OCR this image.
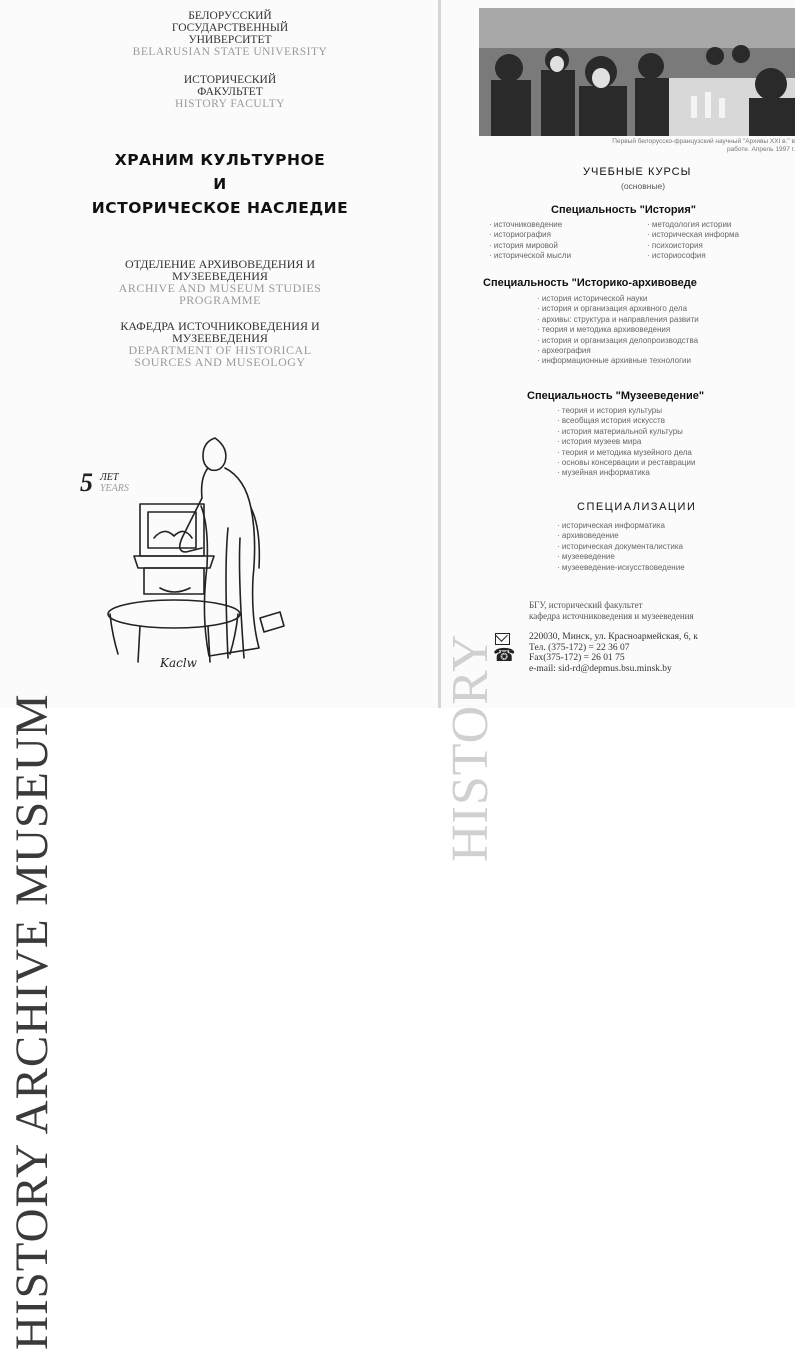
HISTORY ARCHIVE MUSEUM
БЕЛОРУССКИЙ ГОСУДАРСТВЕННЫЙ УНИВЕРСИТЕТ
BELARUSIAN STATE UNIVERSITY
ИСТОРИЧЕСКИЙ ФАКУЛЬТЕТ
HISTORY FACULTY
ХРАНИМ КУЛЬТУРНОЕ
И
ИСТОРИЧЕСКОЕ НАСЛЕДИЕ
ОТДЕЛЕНИЕ АРХИВОВЕДЕНИЯ И МУЗЕЕВЕДЕНИЯ
ARCHIVE AND MUSEUM STUDIES PROGRAMME
КАФЕДРА ИСТОЧНИКОВЕДЕНИЯ И МУЗЕЕВЕДЕНИЯ
DEPARTMENT OF HISTORICAL SOURCES AND MUSEOLOGY
5 ЛЕТ
YEARS
Kaclw	HISTORY
Первый белорусско-французский научный "Архивы XXI в." в работе. Апрель 1997 г.
УЧЕБНЫЕ КУРСЫ
(основные)
Специальность "История"
· источниковедение
· историография
· история мировой
· исторической мысли
· методология истории
· историческая информа
· психоистория
· историософия
Специальность "Историко-архивоведе
· история исторической науки
· история и организация архивного дела
· архивы: структура и направления развити
· теория и методика архивоведения
· история и организация делопроизводства
· археография
· информационные архивные технологии
Специальность "Музееведение"
· теория и история культуры
· всеобщая история искусств
· история материальной культуры
· история музеев мира
· теория и методика музейного дела
· основы консервации и реставрации
· музейная информатика
СПЕЦИАЛИЗАЦИИ
· историческая информатика
· архивоведение
· историческая документалистика
· музееведение
· музееведение-искусствоведение
БГУ, исторический факультет
кафедра источниковедения и музееведения
☎
220030, Минск, ул. Красноармейская, 6, к
Тел. (375-172) = 22 36 07
Fax(375-172) = 26 01 75
e-mail: sid-rd@depmus.bsu.minsk.by
